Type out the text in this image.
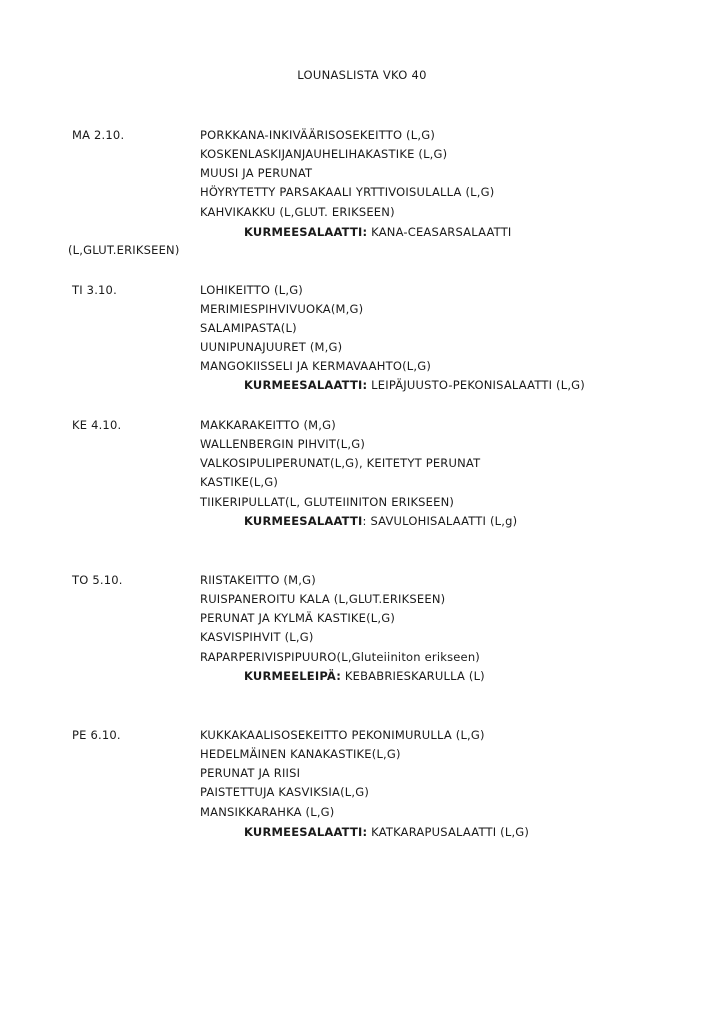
LOUNASLISTA VKO 40
MA 2.10.	PORKKANA-INKIVÄÄRISOSEKEITTO (L,G)
KOSKENLASKIJANJAUHELIHAKASTIKE (L,G)
MUUSI JA PERUNAT
HÖYRYTETTY PARSAKAALI YRTTIVOISULALLA (L,G)
KAHVIKAKKU (L,GLUT. ERIKSEEN)
KURMEESALAATTI: KANA-CEASARSALAATTI
(L,GLUT.ERIKSEEN)
TI 3.10.	LOHIKEITTO (L,G)
MERIMIESPIHVIVUOKA(M,G)
SALAMIPASTA(L)
UUNIPUNAJUURET (M,G)
MANGOKIISSELI JA KERMAVAAHTO(L,G)
KURMEESALAATTI: LEIPÄJUUSTO-PEKONISALAATTI (L,G)
KE 4.10.	MAKKARAKEITTO (M,G)
WALLENBERGIN PIHVIT(L,G)
VALKOSIPULIPERUNAT(L,G), KEITETYT PERUNAT
KASTIKE(L,G)
TIIKERIPULLAT(L, GLUTEIINITON ERIKSEEN)
KURMEESALAATTI: SAVULOHISALAATTI (L,g)
TO 5.10.	RIISTAKEITTO (M,G)
RUISPANEROITU KALA (L,GLUT.ERIKSEEN)
PERUNAT JA KYLMÄ KASTIKE(L,G)
KASVISPIHVIT (L,G)
RAPARPERIVISPIPUURO(L,Gluteiiniton erikseen)
KURMEELEIPÄ: KEBABRIESKARULLA (L)
PE 6.10.	KUKKAKAALISOSEKEITTO PEKONIMURULLA (L,G)
HEDELMÄINEN KANAKASTIKE(L,G)
PERUNAT JA RIISI
PAISTETTUJA KASVIKSIA(L,G)
MANSIKKARAHKA (L,G)
KURMEESALAATTI: KATKARAPUSALAATTI (L,G)
